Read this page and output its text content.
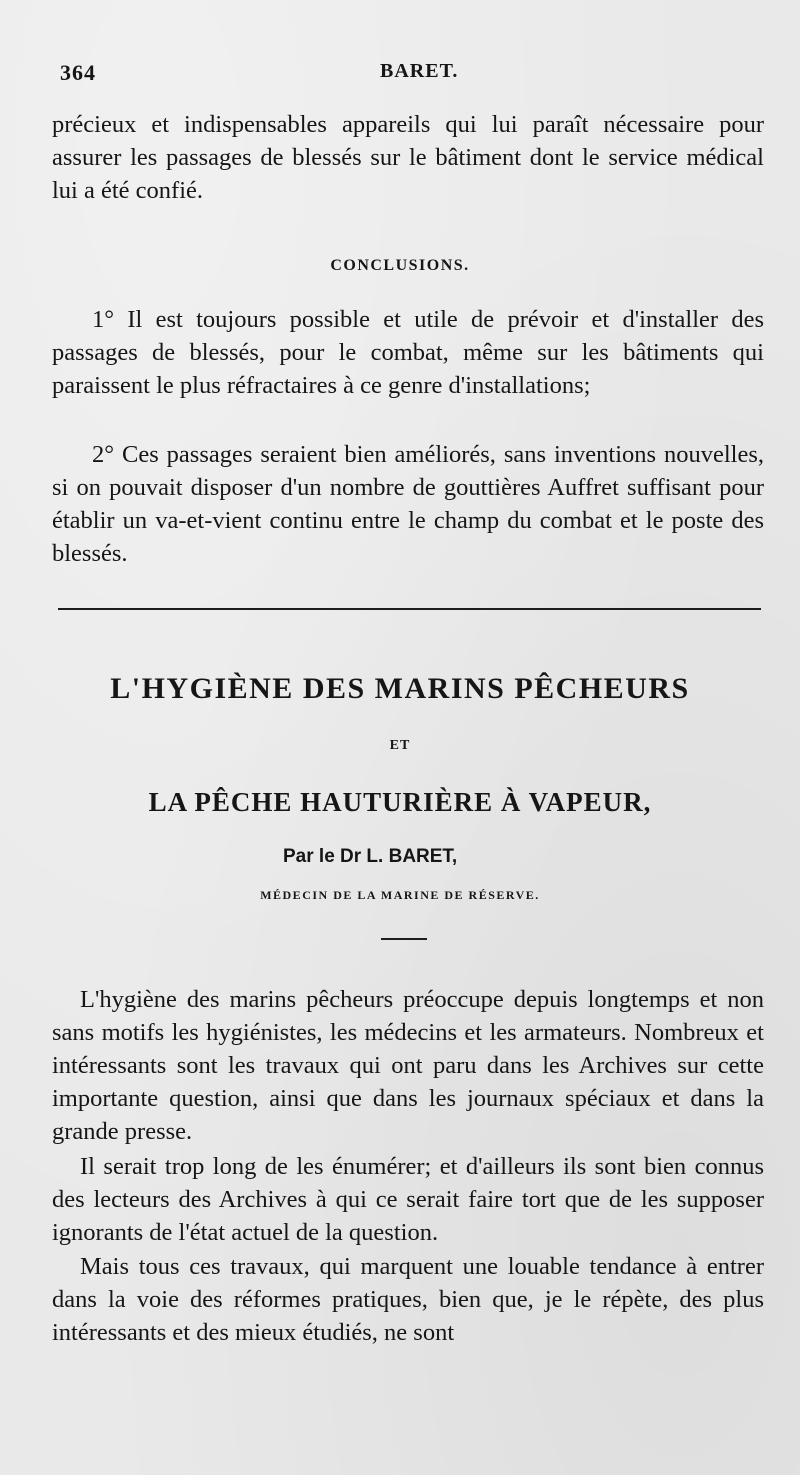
364	BARET.

précieux et indispensables appareils qui lui paraît nécessaire pour assurer les passages de blessés sur le bâtiment dont le service médical lui a été confié.

CONCLUSIONS.

1° Il est toujours possible et utile de prévoir et d'installer des passages de blessés, pour le combat, même sur les bâtiments qui paraissent le plus réfractaires à ce genre d'installations;

2° Ces passages seraient bien améliorés, sans inventions nouvelles, si on pouvait disposer d'un nombre de gouttières Auffret suffisant pour établir un va-et-vient continu entre le champ du combat et le poste des blessés.

L'HYGIÈNE DES MARINS PÊCHEURS
ET
LA PÊCHE HAUTURIÈRE À VAPEUR,
Par le Dr L. BARET,
MÉDECIN DE LA MARINE DE RÉSERVE.

L'hygiène des marins pêcheurs préoccupe depuis longtemps et non sans motifs les hygiénistes, les médecins et les armateurs. Nombreux et intéressants sont les travaux qui ont paru dans les Archives sur cette importante question, ainsi que dans les journaux spéciaux et dans la grande presse.

Il serait trop long de les énumérer; et d'ailleurs ils sont bien connus des lecteurs des Archives à qui ce serait faire tort que de les supposer ignorants de l'état actuel de la question.

Mais tous ces travaux, qui marquent une louable tendance à entrer dans la voie des réformes pratiques, bien que, je le répète, des plus intéressants et des mieux étudiés, ne sont
